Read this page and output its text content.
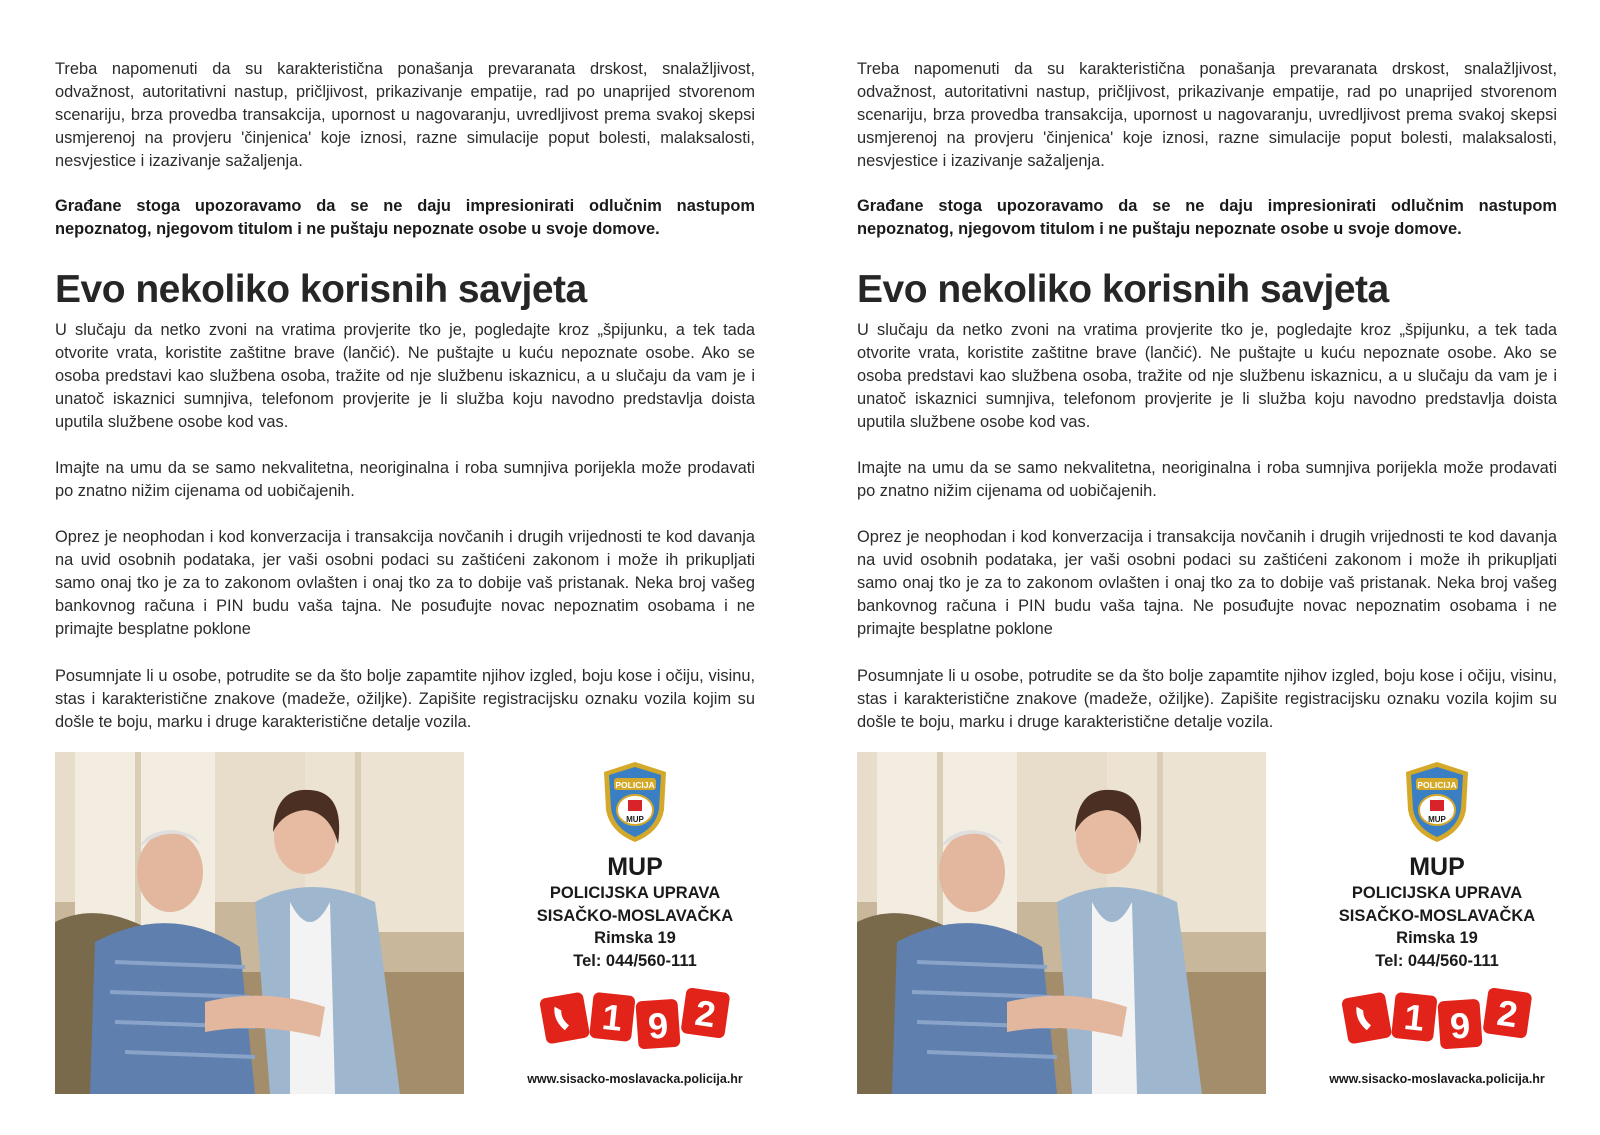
Treba napomenuti da su karakteristična ponašanja prevaranata drskost, snalažljivost, odvažnost, autoritativni nastup, pričljivost, prikazivanje empatije, rad po unaprijed stvorenom scenariju, brza provedba transakcija, upornost u nagovaranju, uvredljivost prema svakoj skepsi usmjerenoj na provjeru 'činjenica' koje iznosi, razne simulacije poput bolesti, malaksalosti, nesvjestice i izazivanje sažaljenja.

Građane stoga upozoravamo da se ne daju impresionirati odlučnim nastupom nepoznatog, njegovom titulom i ne puštaju nepoznate osobe u svoje domove.

Evo nekoliko korisnih savjeta

U slučaju da netko zvoni na vratima provjerite tko je, pogledajte kroz „špijunku, a tek tada otvorite vrata, koristite zaštitne brave (lančić). Ne puštajte u kuću nepoznate osobe. Ako se osoba predstavi kao službena osoba, tražite od nje službenu iskaznicu, a u slučaju da vam je i unatoč iskaznici sumnjiva, telefonom provjerite je li služba koju navodno predstavlja doista uputila službene osobe kod vas.

Imajte na umu da se samo nekvalitetna, neoriginalna i roba sumnjiva porijekla može prodavati po znatno nižim cijenama od uobičajenih.

Oprez je neophodan i kod konverzacija i transakcija novčanih i drugih vrijednosti te kod davanja na uvid osobnih podataka, jer vaši osobni podaci su zaštićeni zakonom i može ih prikupljati samo onaj tko je za to zakonom ovlašten i onaj tko za to dobije vaš pristanak. Neka broj vašeg bankovnog računa i PIN budu vaša tajna. Ne posuđujte novac nepoznatim osobama i ne primajte besplatne poklone

Posumnjate li u osobe, potrudite se da što bolje zapamtite njihov izgled, boju kose i očiju, visinu, stas i karakteristične znakove (madeže, ožiljke). Zapišite registracijsku oznaku vozila kojim su došle te boju, marku i druge karakteristične detalje vozila.

POLICIJA
MUP
MUP
POLICIJSKA UPRAVA
SISAČKO-MOSLAVAČKA
Rimska 19
Tel: 044/560-111
1 9 2
www.sisacko-moslavacka.policija.hr

Treba napomenuti da su karakteristična ponašanja prevaranata drskost, snalažljivost, odvažnost, autoritativni nastup, pričljivost, prikazivanje empatije, rad po unaprijed stvorenom scenariju, brza provedba transakcija, upornost u nagovaranju, uvredljivost prema svakoj skepsi usmjerenoj na provjeru 'činjenica' koje iznosi, razne simulacije poput bolesti, malaksalosti, nesvjestice i izazivanje sažaljenja.

Građane stoga upozoravamo da se ne daju impresionirati odlučnim nastupom nepoznatog, njegovom titulom i ne puštaju nepoznate osobe u svoje domove.

Evo nekoliko korisnih savjeta

U slučaju da netko zvoni na vratima provjerite tko je, pogledajte kroz „špijunku, a tek tada otvorite vrata, koristite zaštitne brave (lančić). Ne puštajte u kuću nepoznate osobe. Ako se osoba predstavi kao službena osoba, tražite od nje službenu iskaznicu, a u slučaju da vam je i unatoč iskaznici sumnjiva, telefonom provjerite je li služba koju navodno predstavlja doista uputila službene osobe kod vas.

Imajte na umu da se samo nekvalitetna, neoriginalna i roba sumnjiva porijekla može prodavati po znatno nižim cijenama od uobičajenih.

Oprez je neophodan i kod konverzacija i transakcija novčanih i drugih vrijednosti te kod davanja na uvid osobnih podataka, jer vaši osobni podaci su zaštićeni zakonom i može ih prikupljati samo onaj tko je za to zakonom ovlašten i onaj tko za to dobije vaš pristanak. Neka broj vašeg bankovnog računa i PIN budu vaša tajna. Ne posuđujte novac nepoznatim osobama i ne primajte besplatne poklone

Posumnjate li u osobe, potrudite se da što bolje zapamtite njihov izgled, boju kose i očiju, visinu, stas i karakteristične znakove (madeže, ožiljke). Zapišite registracijsku oznaku vozila kojim su došle te boju, marku i druge karakteristične detalje vozila.

POLICIJA
MUP
MUP
POLICIJSKA UPRAVA
SISAČKO-MOSLAVAČKA
Rimska 19
Tel: 044/560-111
1 9 2
www.sisacko-moslavacka.policija.hr
